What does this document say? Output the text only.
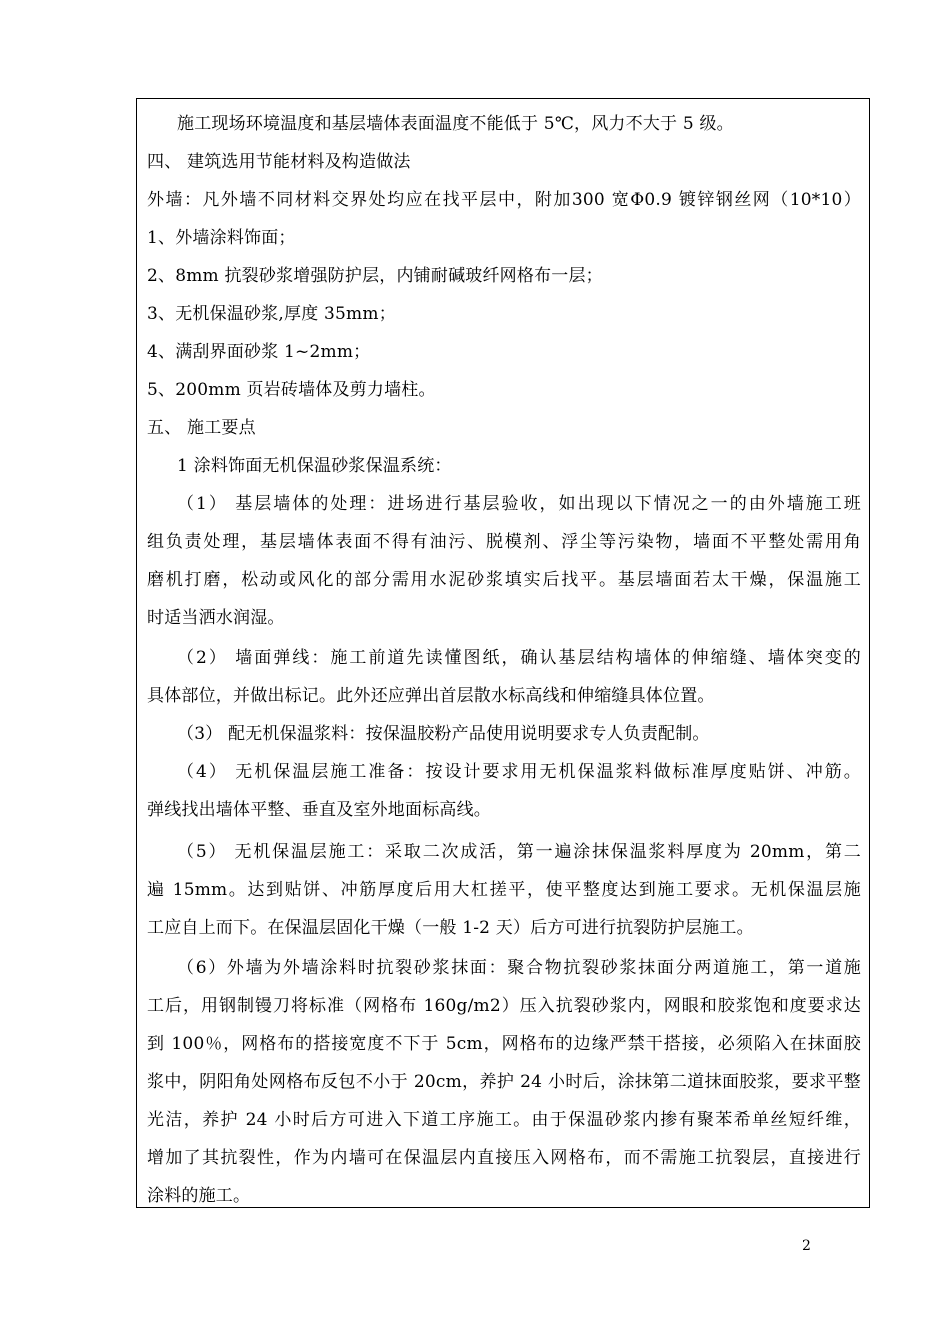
施工现场环境温度和基层墙体表面温度不能低于 5℃，风力不大于 5 级。
四、 建筑选用节能材料及构造做法
外墙：凡外墙不同材料交界处均应在找平层中，附加300 宽Φ0.9 镀锌钢丝网（10*10）
1、外墙涂料饰面；
2、8mm 抗裂砂浆增强防护层，内铺耐碱玻纤网格布一层；
3、无机保温砂浆,厚度 35mm；
4、满刮界面砂浆 1~2mm；
5、200mm 页岩砖墙体及剪力墙柱。
五、 施工要点
1 涂料饰面无机保温砂浆保温系统：
（1） 基层墙体的处理：进场进行基层验收，如出现以下情况之一的由外墙施工班
组负责处理，基层墙体表面不得有油污、脱模剂、浮尘等污染物，墙面不平整处需用角
磨机打磨，松动或风化的部分需用水泥砂浆填实后找平。基层墙面若太干燥，保温施工
时适当洒水润湿。
（2） 墙面弹线：施工前道先读懂图纸，确认基层结构墙体的伸缩缝、墙体突变的
具体部位，并做出标记。此外还应弹出首层散水标高线和伸缩缝具体位置。
（3） 配无机保温浆料：按保温胶粉产品使用说明要求专人负责配制。
（4） 无机保温层施工准备：按设计要求用无机保温浆料做标准厚度贴饼、冲筋。
弹线找出墙体平整、垂直及室外地面标高线。
（5） 无机保温层施工：采取二次成活，第一遍涂抹保温浆料厚度为 20mm，第二
遍 15mm。达到贴饼、冲筋厚度后用大杠搓平，使平整度达到施工要求。无机保温层施
工应自上而下。在保温层固化干燥（一般 1-2 天）后方可进行抗裂防护层施工。
（6）外墙为外墙涂料时抗裂砂浆抹面：聚合物抗裂砂浆抹面分两道施工，第一道施
工后，用钢制镘刀将标准（网格布 160g/m2）压入抗裂砂浆内，网眼和胶浆饱和度要求达
到 100％，网格布的搭接宽度不下于 5cm，网格布的边缘严禁干搭接，必须陷入在抹面胶
浆中，阴阳角处网格布反包不小于 20cm，养护 24 小时后，涂抹第二道抹面胶浆，要求平整
光洁，养护 24 小时后方可进入下道工序施工。由于保温砂浆内掺有聚苯希单丝短纤维，
增加了其抗裂性，作为内墙可在保温层内直接压入网格布，而不需施工抗裂层，直接进行
涂料的施工。
2
